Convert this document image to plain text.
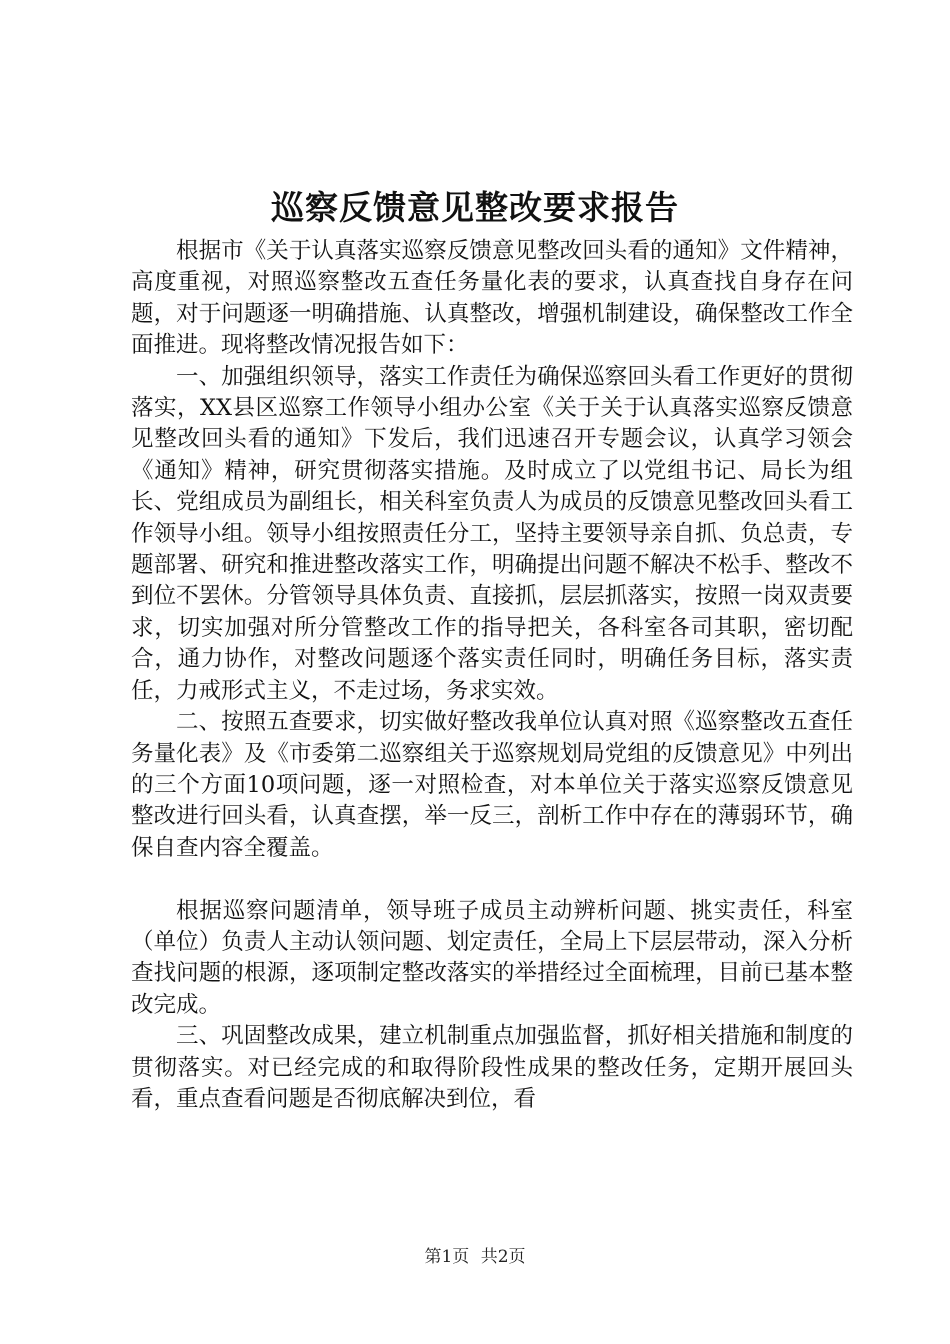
巡察反馈意见整改要求报告

根据市《关于认真落实巡察反馈意见整改回头看的通知》文件精神，高度重视，对照巡察整改五查任务量化表的要求，认真查找自身存在问题，对于问题逐一明确措施、认真整改，增强机制建设，确保整改工作全面推进。现将整改情况报告如下：

一、加强组织领导，落实工作责任为确保巡察回头看工作更好的贯彻落实，XX县区巡察工作领导小组办公室《关于关于认真落实巡察反馈意见整改回头看的通知》下发后，我们迅速召开专题会议，认真学习领会《通知》精神，研究贯彻落实措施。及时成立了以党组书记、局长为组长、党组成员为副组长，相关科室负责人为成员的反馈意见整改回头看工作领导小组。领导小组按照责任分工，坚持主要领导亲自抓、负总责，专题部署、研究和推进整改落实工作，明确提出问题不解决不松手、整改不到位不罢休。分管领导具体负责、直接抓，层层抓落实，按照一岗双责要求，切实加强对所分管整改工作的指导把关，各科室各司其职，密切配合，通力协作，对整改问题逐个落实责任同时，明确任务目标，落实责任，力戒形式主义，不走过场，务求实效。

二、按照五查要求，切实做好整改我单位认真对照《巡察整改五查任务量化表》及《市委第二巡察组关于巡察规划局党组的反馈意见》中列出的三个方面10项问题，逐一对照检查，对本单位关于落实巡察反馈意见整改进行回头看，认真查摆，举一反三，剖析工作中存在的薄弱环节，确保自查内容全覆盖。

根据巡察问题清单，领导班子成员主动辨析问题、挑实责任，科室（单位）负责人主动认领问题、划定责任，全局上下层层带动，深入分析查找问题的根源，逐项制定整改落实的举措经过全面梳理，目前已基本整改完成。

三、巩固整改成果，建立机制重点加强监督，抓好相关措施和制度的贯彻落实。对已经完成的和取得阶段性成果的整改任务，定期开展回头看，重点查看问题是否彻底解决到位，看

第1页 共2页
